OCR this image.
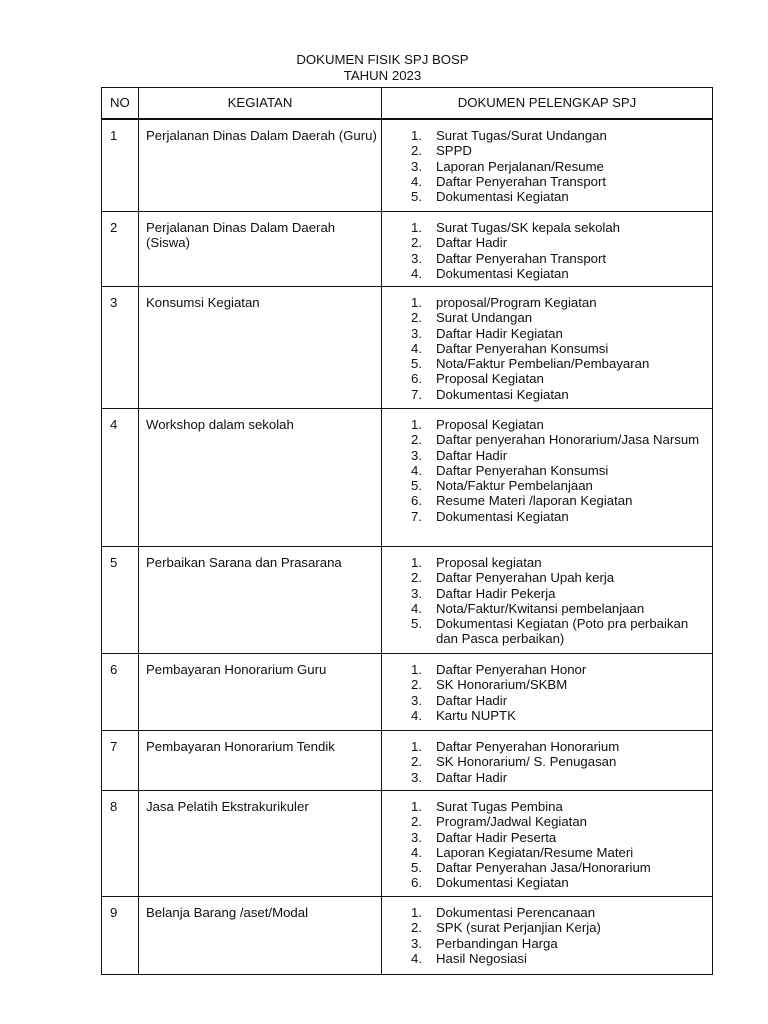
DOKUMEN FISIK SPJ BOSP
TAHUN 2023
NO	KEGIATAN	DOKUMEN PELENGKAP SPJ
1	Perjalanan Dinas Dalam Daerah (Guru)	1.	Surat Tugas/Surat Undangan
2.	SPPD
3.	Laporan Perjalanan/Resume
4.	Daftar Penyerahan Transport
5.	Dokumentasi Kegiatan
2	Perjalanan Dinas Dalam Daerah (Siswa)
1.	Surat Tugas/SK kepala sekolah
2.	Daftar Hadir
3.	Daftar Penyerahan Transport
4.	Dokumentasi Kegiatan
3	Konsumsi Kegiatan	1.	proposal/Program Kegiatan
2.	Surat Undangan
3.	Daftar Hadir Kegiatan
4.	Daftar Penyerahan Konsumsi
5.	Nota/Faktur Pembelian/Pembayaran
6.	Proposal Kegiatan
7.	Dokumentasi Kegiatan
4	Workshop dalam sekolah	1.	Proposal Kegiatan
2.	Daftar penyerahan Honorarium/Jasa Narsum
3.	Daftar Hadir
4.	Daftar Penyerahan Konsumsi
5.	Nota/Faktur Pembelanjaan
6.	Resume Materi /laporan Kegiatan
7.	Dokumentasi Kegiatan
5	Perbaikan Sarana dan Prasarana	1.	Proposal kegiatan
2.	Daftar Penyerahan Upah kerja
3.	Daftar Hadir Pekerja
4.	Nota/Faktur/Kwitansi pembelanjaan
5.	Dokumentasi Kegiatan (Poto pra perbaikan dan Pasca perbaikan)
6	Pembayaran Honorarium Guru	1.	Daftar Penyerahan Honor
2.	SK Honorarium/SKBM
3.	Daftar Hadir
4.	Kartu NUPTK
7	Pembayaran Honorarium Tendik	1.	Daftar Penyerahan Honorarium
2.	SK Honorarium/ S. Penugasan
3.	Daftar Hadir
8	Jasa Pelatih Ekstrakurikuler	1.	Surat Tugas Pembina
2.	Program/Jadwal Kegiatan
3.	Daftar Hadir Peserta
4.	Laporan Kegiatan/Resume Materi
5.	Daftar Penyerahan Jasa/Honorarium
6.	Dokumentasi Kegiatan
9	Belanja Barang /aset/Modal	1.	Dokumentasi Perencanaan
2.	SPK (surat Perjanjian Kerja)
3.	Perbandingan Harga
4.	Hasil Negosiasi
